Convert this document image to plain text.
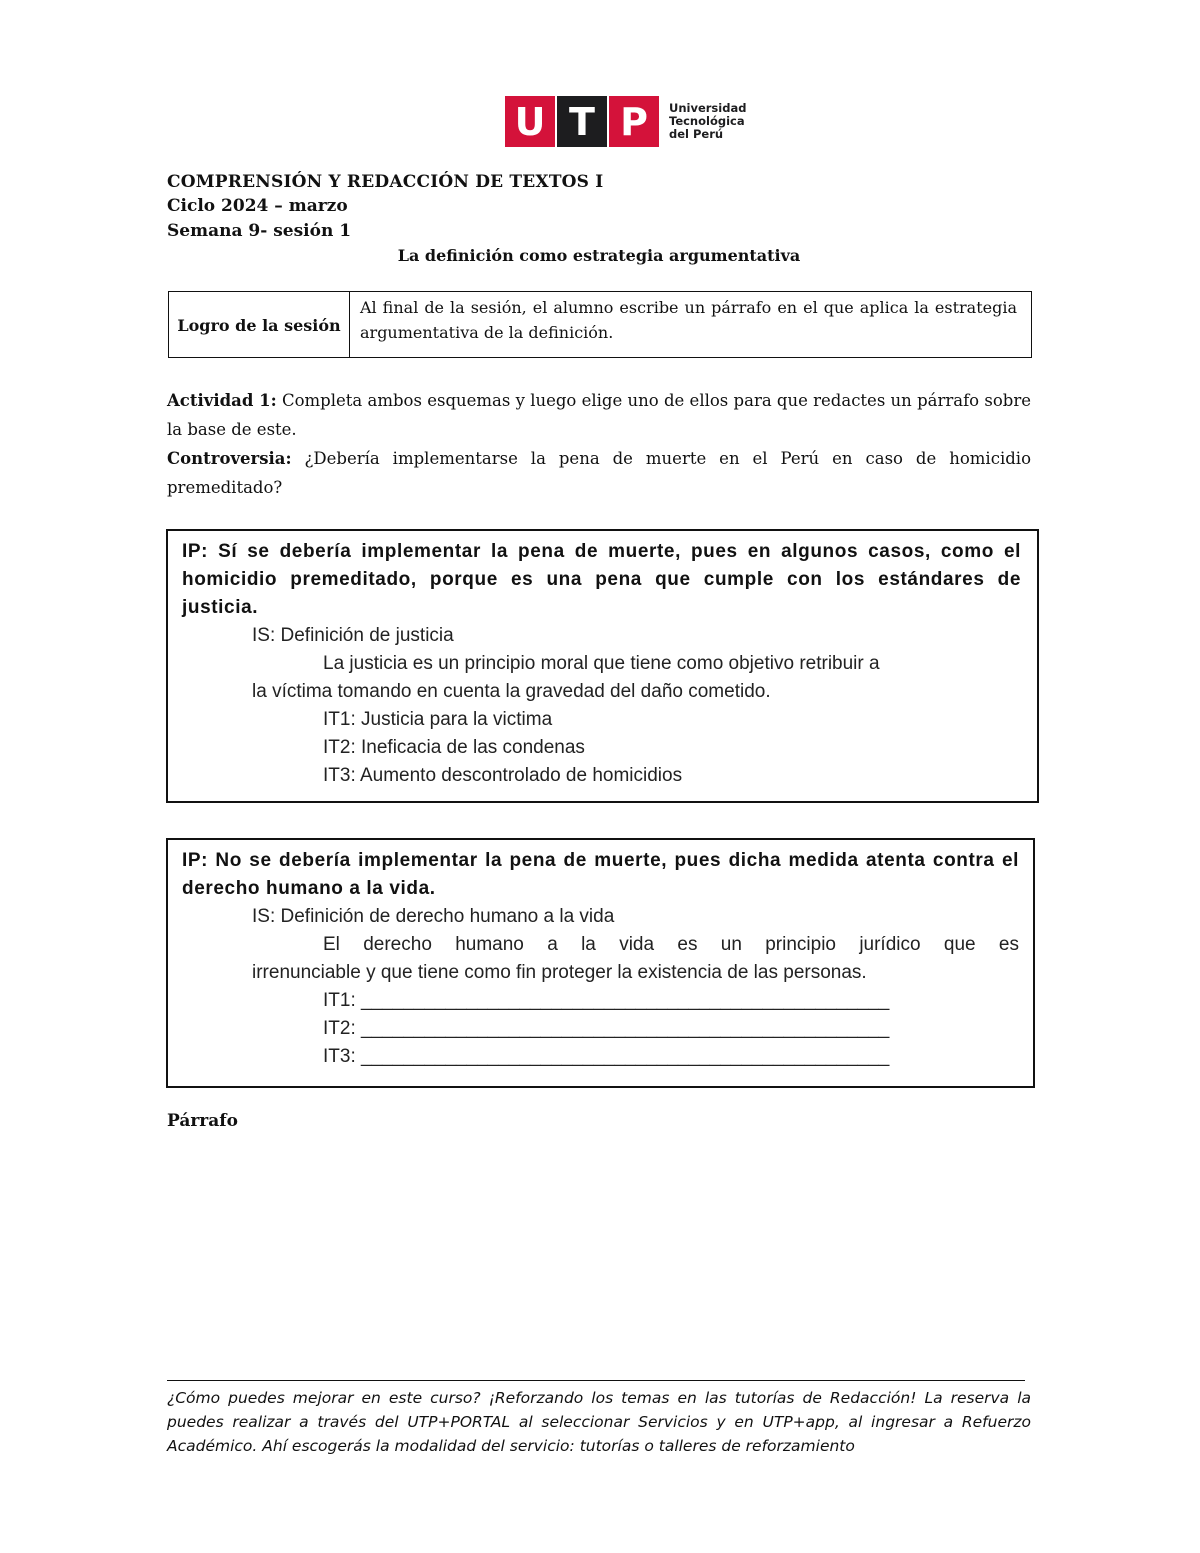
U T P	Universidad
Tecnológica
del Perú
COMPRENSIÓN Y REDACCIÓN DE TEXTOS I
Ciclo 2024 – marzo
Semana 9- sesión 1
La definición como estrategia argumentativa
Logro de la sesión
Al final de la sesión, el alumno escribe un párrafo en el que aplica la estrategia argumentativa de la definición.
Actividad 1: Completa ambos esquemas y luego elige uno de ellos para que redactes un párrafo sobre la base de este.
Controversia: ¿Debería implementarse la pena de muerte en el Perú en caso de homicidio premeditado?
IP: Sí se debería implementar la pena de muerte, pues en algunos casos, como el homicidio premeditado, porque es una pena que cumple con los estándares de justicia.
IS: Definición de justicia
La justicia es un principio moral que tiene como objetivo retribuir a
la víctima tomando en cuenta la gravedad del daño cometido.
IT1: Justicia para la victima
IT2: Ineficacia de las condenas
IT3: Aumento descontrolado de homicidios
IP: No se debería implementar la pena de muerte, pues dicha medida atenta contra el derecho humano a la vida.
IS: Definición de derecho humano a la vida
El derecho humano a la vida es un principio jurídico que es
irrenunciable y que tiene como fin proteger la existencia de las personas.
IT1: __________________________________________________
IT2: __________________________________________________
IT3: __________________________________________________
Párrafo
¿Cómo puedes mejorar en este curso? ¡Reforzando los temas en las tutorías de Redacción! La reserva la puedes realizar a través del UTP+PORTAL al seleccionar Servicios y en UTP+app, al ingresar a Refuerzo Académico. Ahí escogerás la modalidad del servicio: tutorías o talleres de reforzamiento
